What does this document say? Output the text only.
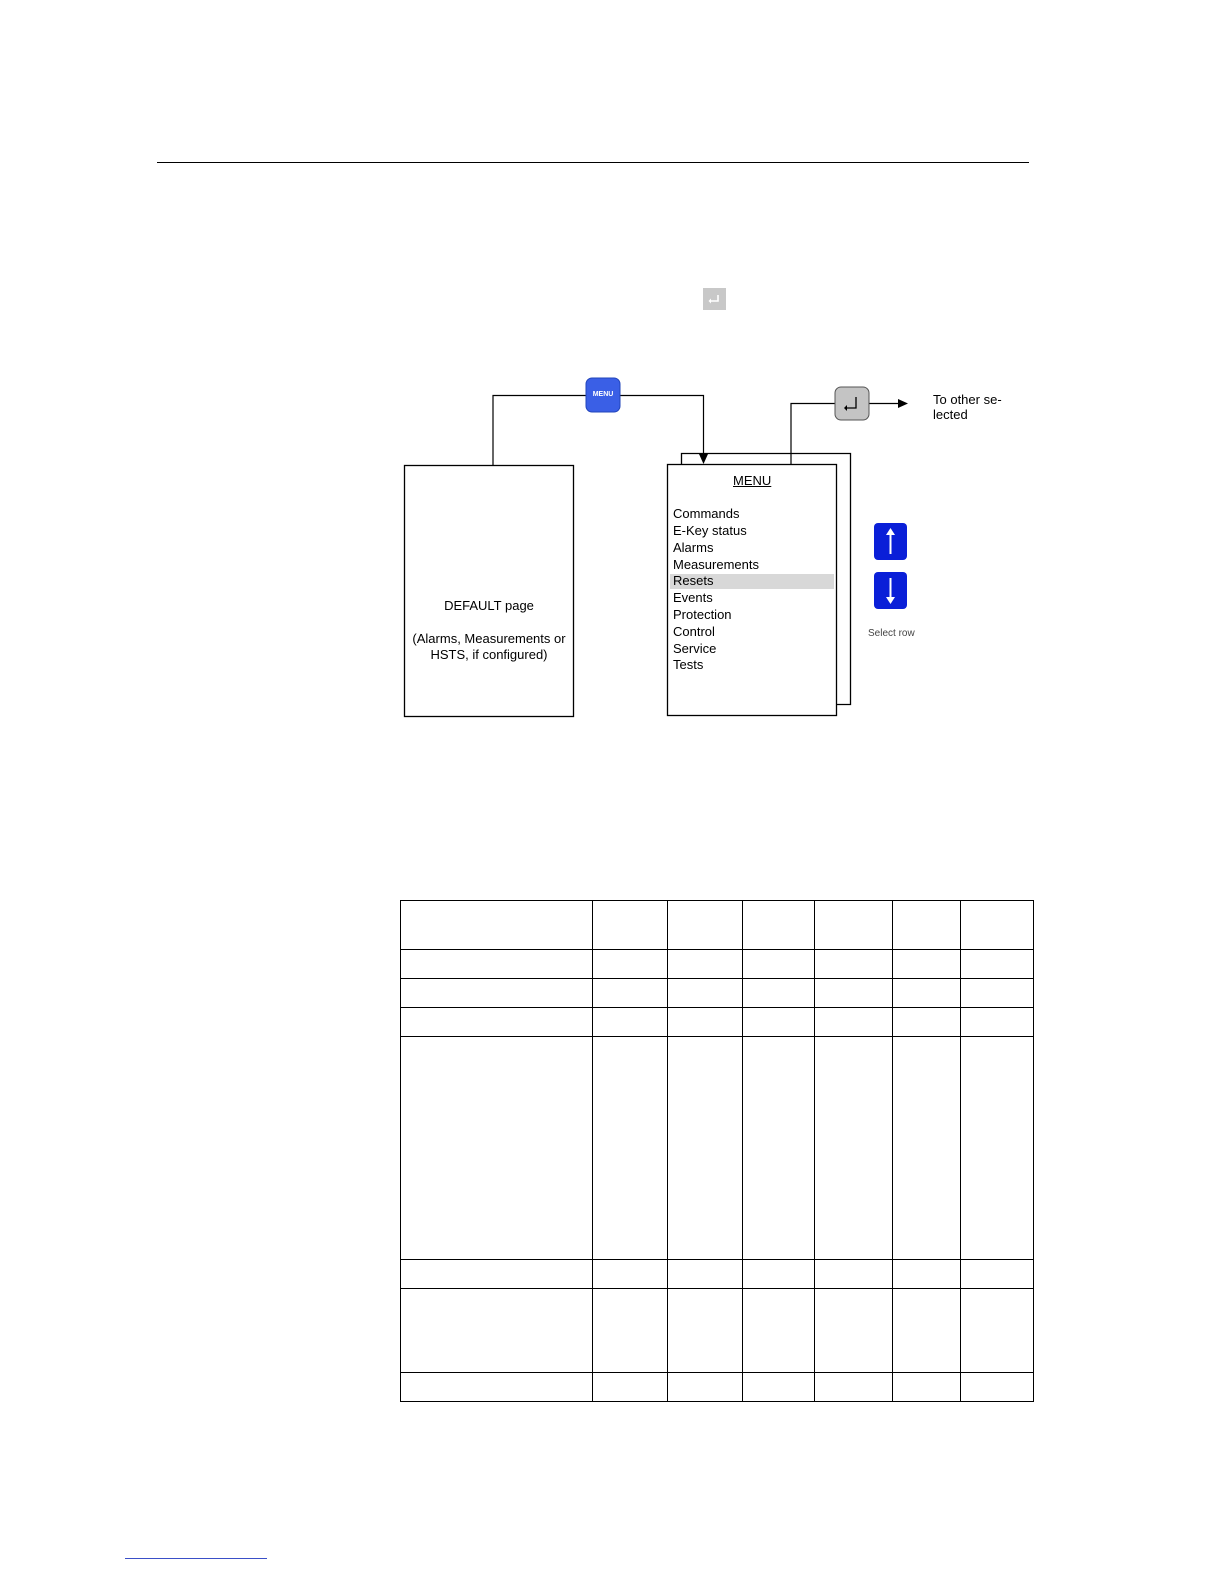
MENU
DEFAULT page
(Alarms, Measurements or
HSTS, if configured)
MENU
Commands
E-Key status
Alarms
Measurements
Resets
Events
Protection
Control
Service
Tests
To other se-
lected
Select row
